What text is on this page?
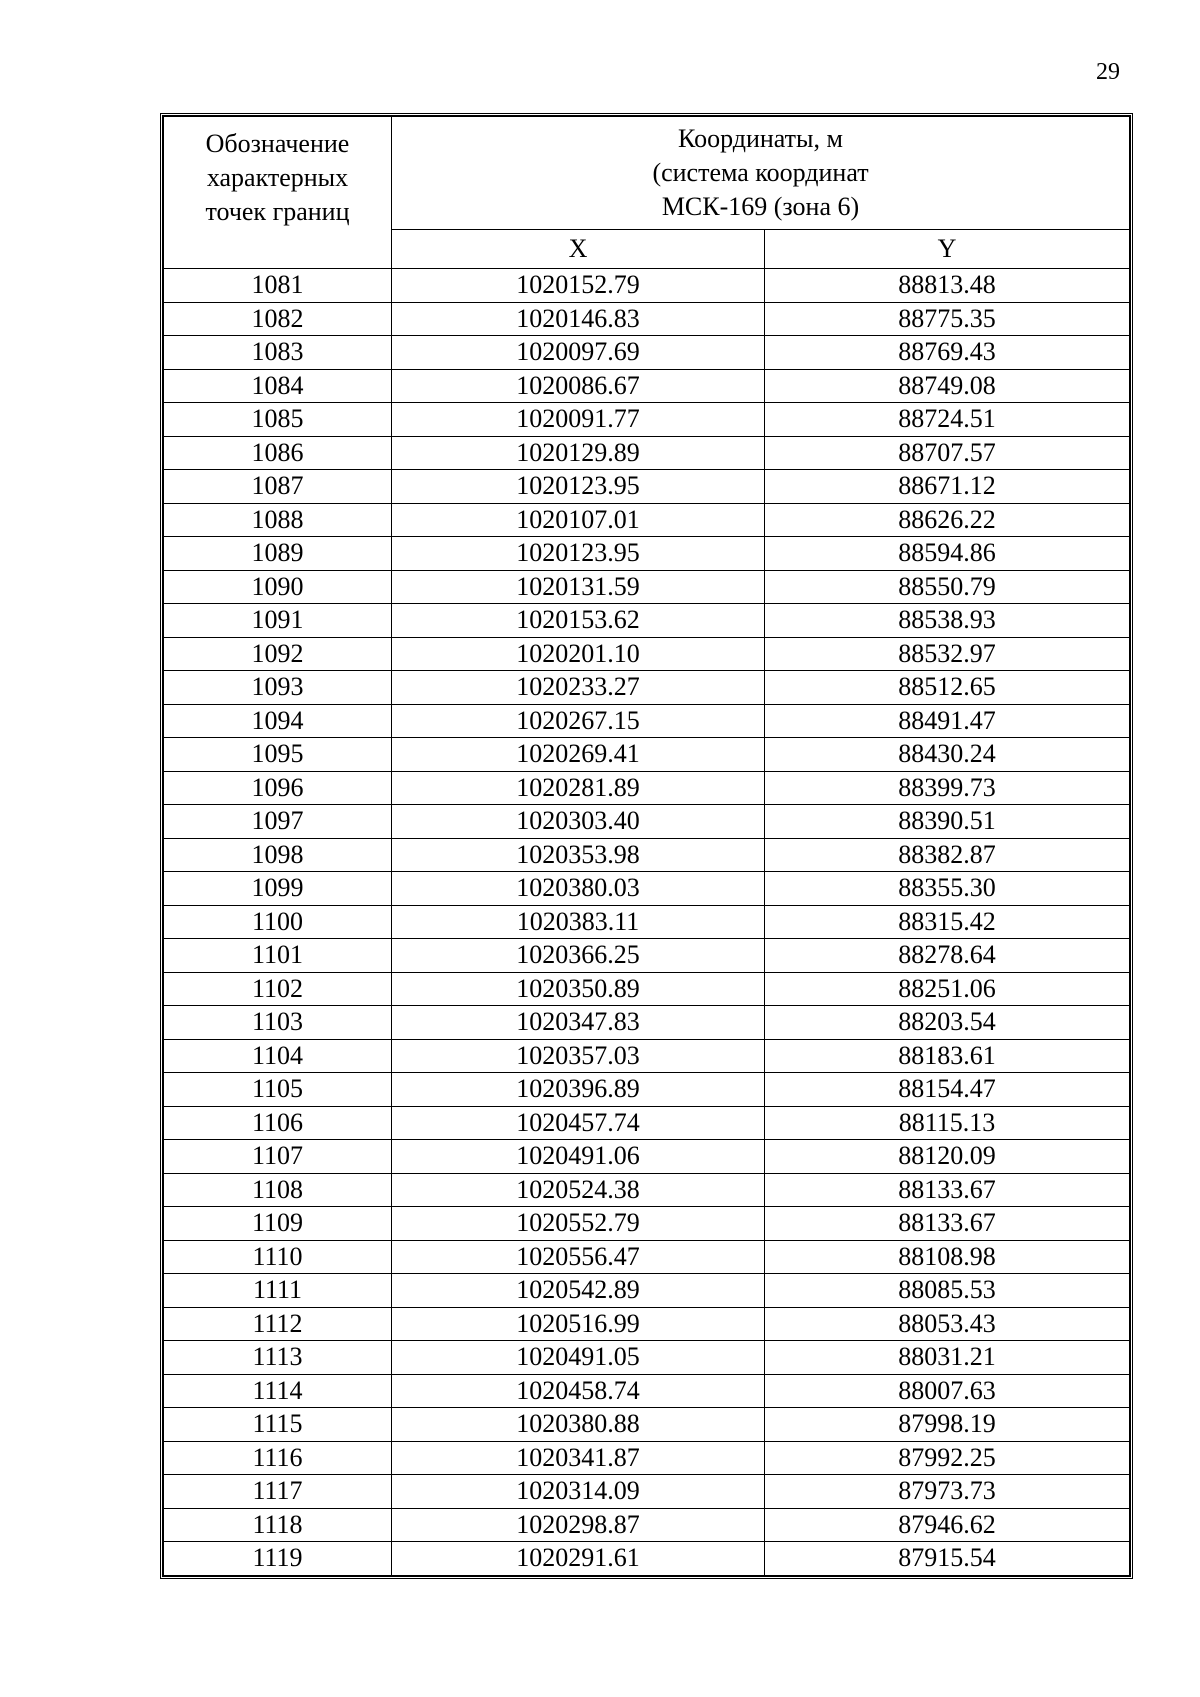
29
Обозначение
характерных
точек границ	Координаты, м
(система координат
МСК-169 (зона 6)	

	X	Y
1081	1020152.79	88813.48
1082	1020146.83	88775.35
1083	1020097.69	88769.43
1084	1020086.67	88749.08
1085	1020091.77	88724.51
1086	1020129.89	88707.57
1087	1020123.95	88671.12
1088	1020107.01	88626.22
1089	1020123.95	88594.86
1090	1020131.59	88550.79
1091	1020153.62	88538.93
1092	1020201.10	88532.97
1093	1020233.27	88512.65
1094	1020267.15	88491.47
1095	1020269.41	88430.24
1096	1020281.89	88399.73
1097	1020303.40	88390.51
1098	1020353.98	88382.87
1099	1020380.03	88355.30
1100	1020383.11	88315.42
1101	1020366.25	88278.64
1102	1020350.89	88251.06
1103	1020347.83	88203.54
1104	1020357.03	88183.61
1105	1020396.89	88154.47
1106	1020457.74	88115.13
1107	1020491.06	88120.09
1108	1020524.38	88133.67
1109	1020552.79	88133.67
1110	1020556.47	88108.98
1111	1020542.89	88085.53
1112	1020516.99	88053.43
1113	1020491.05	88031.21
1114	1020458.74	88007.63
1115	1020380.88	87998.19
1116	1020341.87	87992.25
1117	1020314.09	87973.73
1118	1020298.87	87946.62
1119	1020291.61	87915.54
